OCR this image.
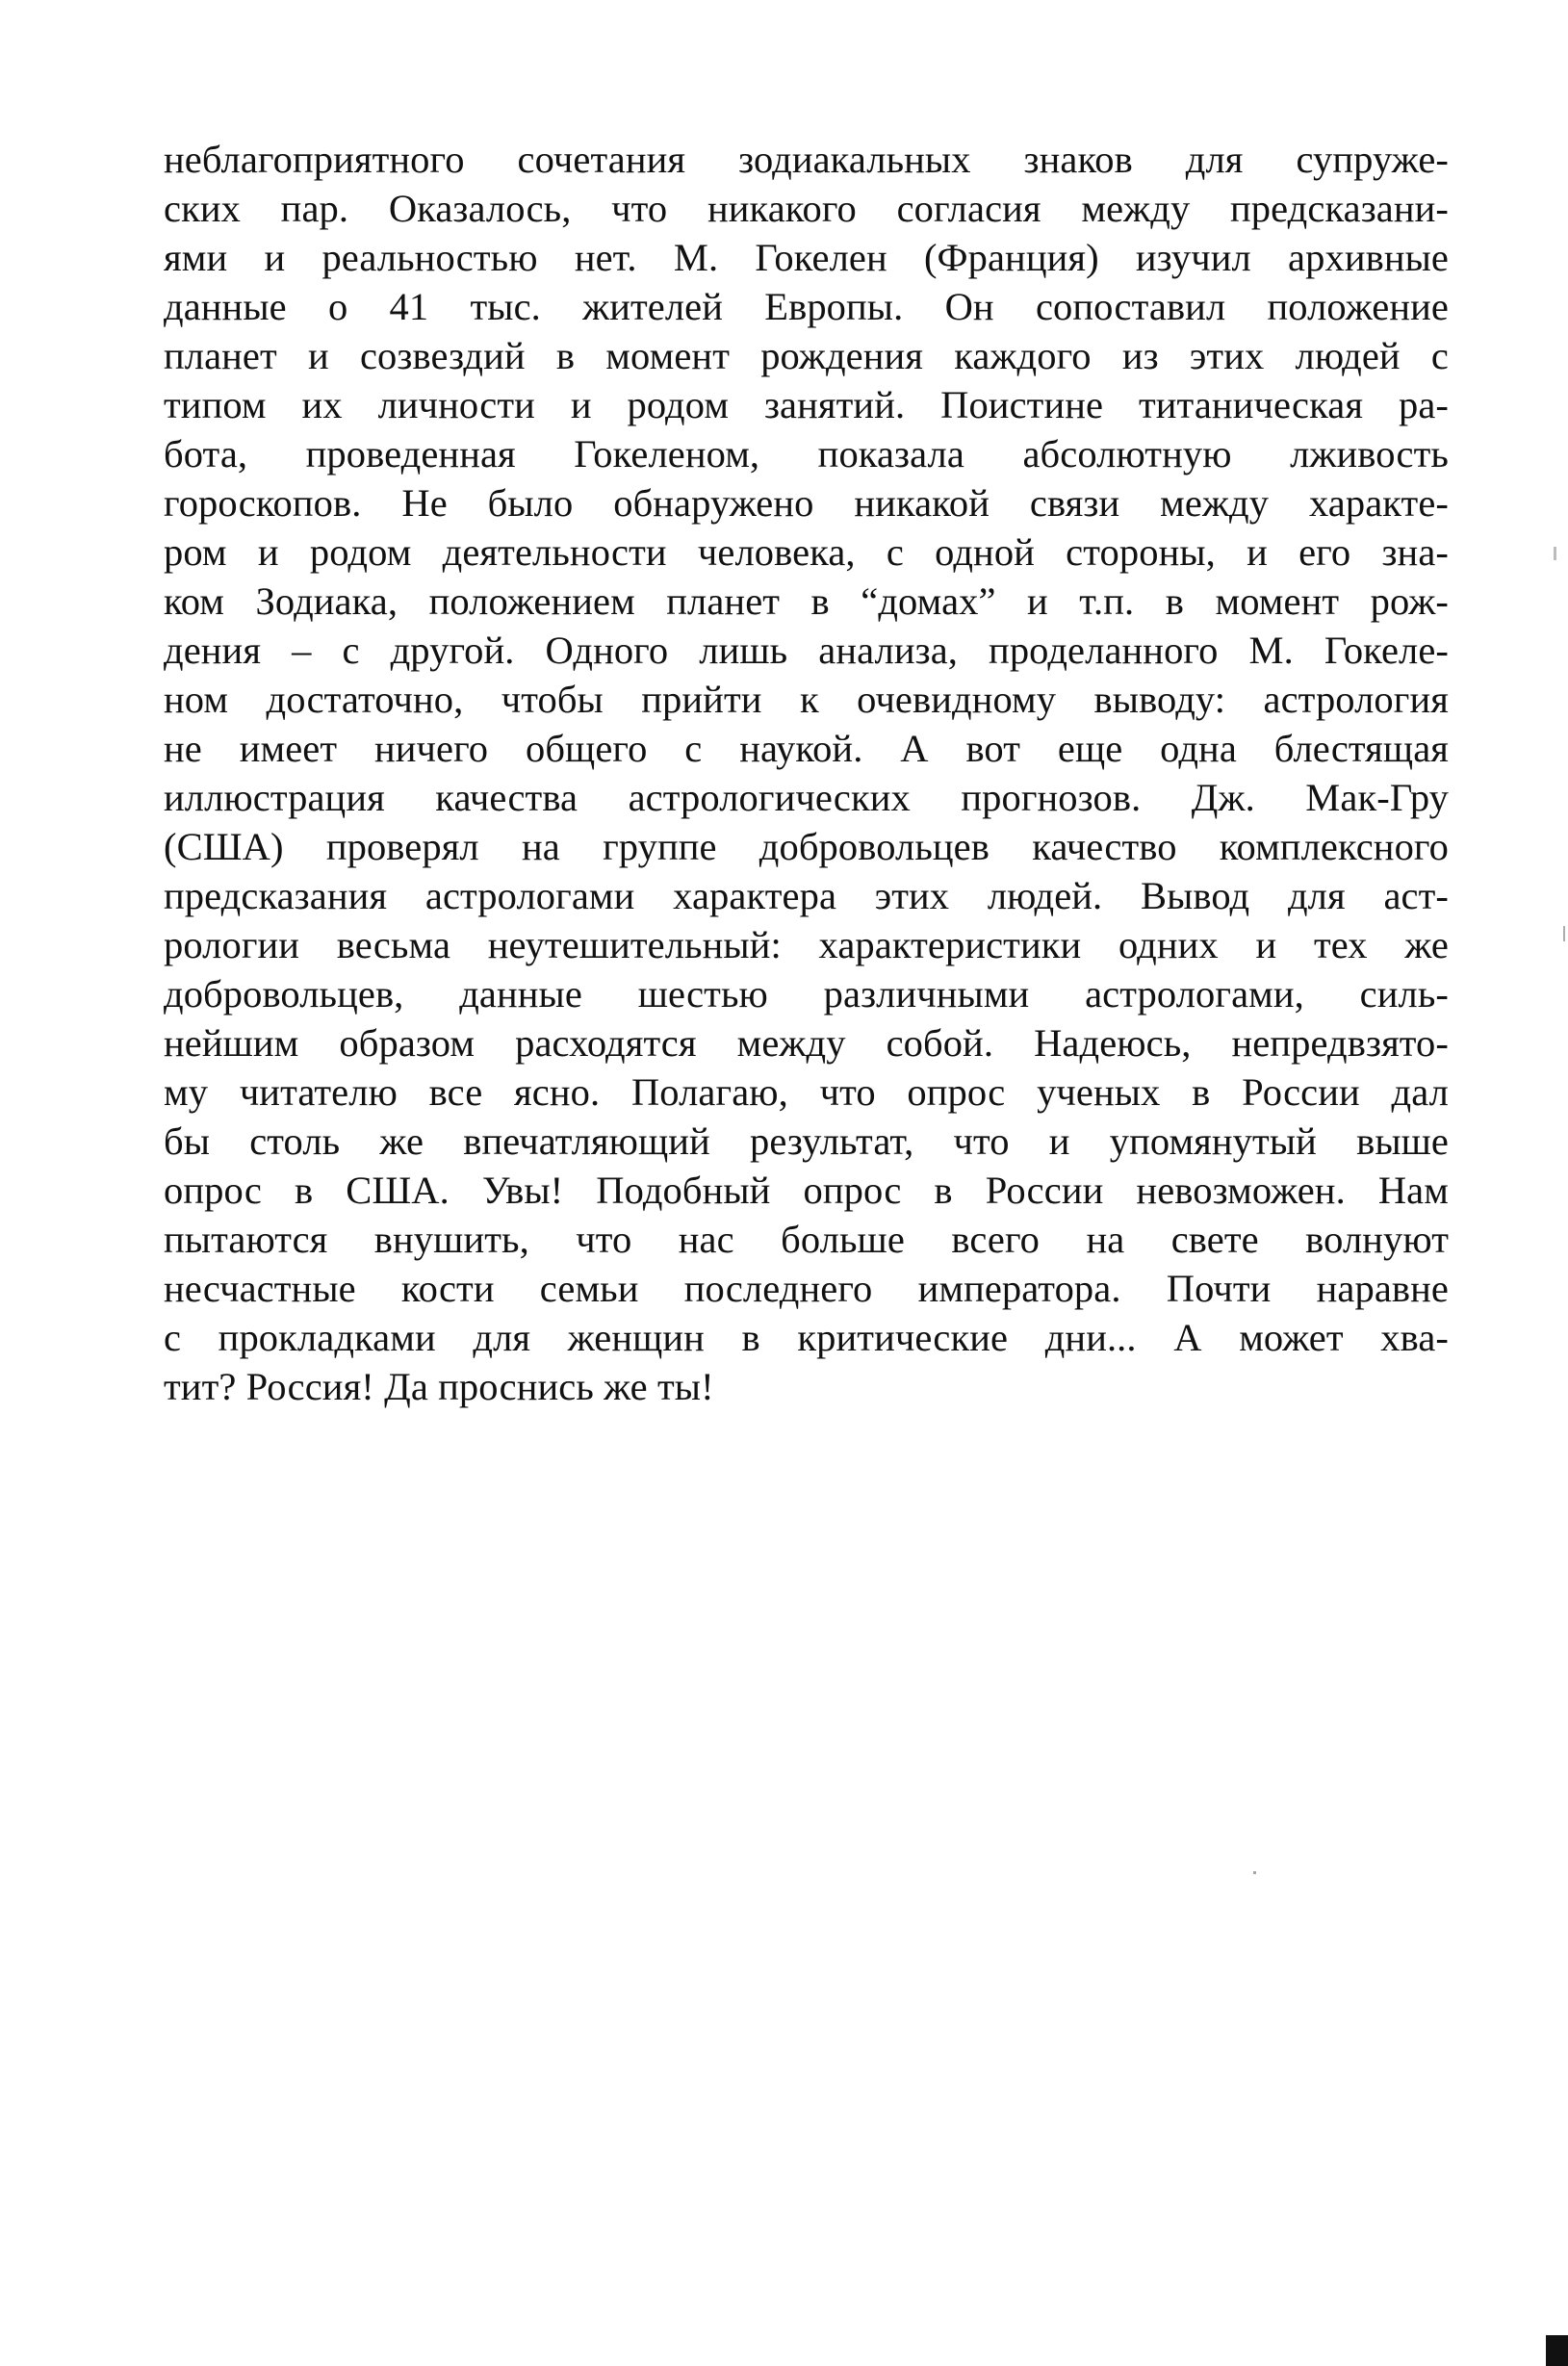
неблагоприятного сочетания зодиакальных знаков для супруже-
ских пар. Оказалось, что никакого согласия между предсказани-
ями и реальностью нет. М. Гокелен (Франция) изучил архивные
данные о 41 тыс. жителей Европы. Он сопоставил положение
планет и созвездий в момент рождения каждого из этих людей с
типом их личности и родом занятий. Поистине титаническая ра-
бота, проведенная Гокеленом, показала абсолютную лживость
гороскопов. Не было обнаружено никакой связи между характе-
ром и родом деятельности человека, с одной стороны, и его зна-
ком Зодиака, положением планет в “домах” и т.п. в момент рож-
дения – с другой. Одного лишь анализа, проделанного М. Гокеле-
ном достаточно, чтобы прийти к очевидному выводу: астрология
не имеет ничего общего с наукой. А вот еще одна блестящая
иллюстрация качества астрологических прогнозов. Дж. Мак-Гру
(США) проверял на группе добровольцев качество комплексного
предсказания астрологами характера этих людей. Вывод для аст-
рологии весьма неутешительный: характеристики одних и тех же
добровольцев, данные шестью различными астрологами, силь-
нейшим образом расходятся между собой. Надеюсь, непредвзято-
му читателю все ясно. Полагаю, что опрос ученых в России дал
бы столь же впечатляющий результат, что и упомянутый выше
опрос в США. Увы! Подобный опрос в России невозможен. Нам
пытаются внушить, что нас больше всего на свете волнуют
несчастные кости семьи последнего императора. Почти наравне
с прокладками для женщин в критические дни... А может хва-
тит? Россия! Да проснись же ты!
